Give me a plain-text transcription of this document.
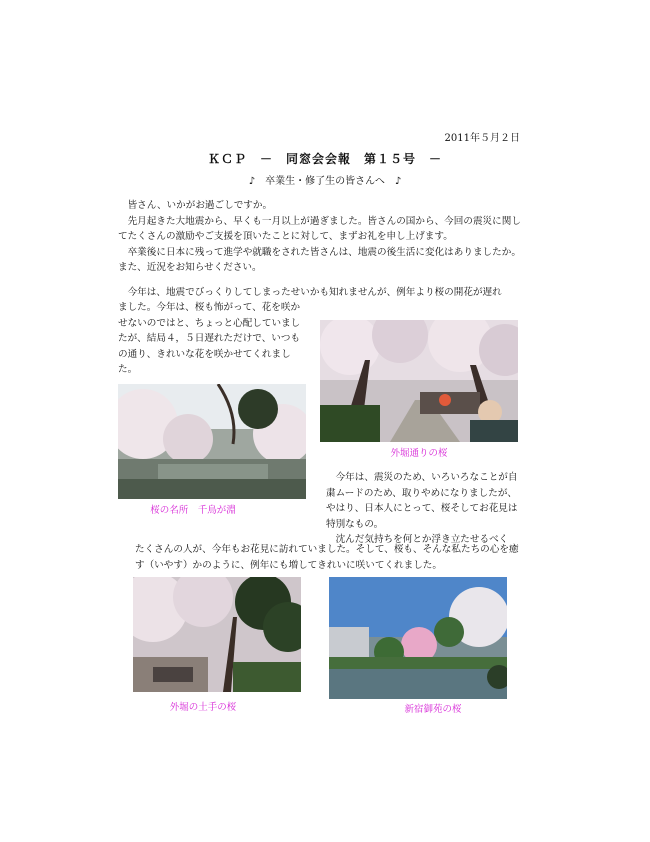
2011年５月２日
ＫＣＰ　－　同窓会会報　第１５号　－
♪　卒業生・修了生の皆さんへ　♪
皆さん、いかがお過ごしですか。
先月起きた大地震から、早くも一月以上が過ぎました。皆さんの国から、今回の震災に関してたくさんの激励やご支援を頂いたことに対して、まずお礼を申し上げます。
卒業後に日本に残って進学や就職をされた皆さんは、地震の後生活に変化はありましたか。また、近況をお知らせください。
今年は、地震でびっくりしてしまったせいかも知れませんが、例年より桜の開花が遅れ
ました。今年は、桜も怖がって、花を咲かせないのではと、ちょっと心配していましたが、結局４，５日遅れただけで、いつもの通り、きれいな花を咲かせてくれました。
外堀通りの桜
桜の名所　千鳥が淵
今年は、震災のため、いろいろなことが自粛ムードのため、取りやめになりましたが、やはり、日本人にとって、桜そしてお花見は特別なもの。

沈んだ気持ちを何とか浮き立たせるべく
たくさんの人が、今年もお花見に訪れていました。そして、桜も、そんな私たちの心を癒す（いやす）かのように、例年にも増してきれいに咲いてくれました。
外堀の土手の桜	新宿御苑の桜
